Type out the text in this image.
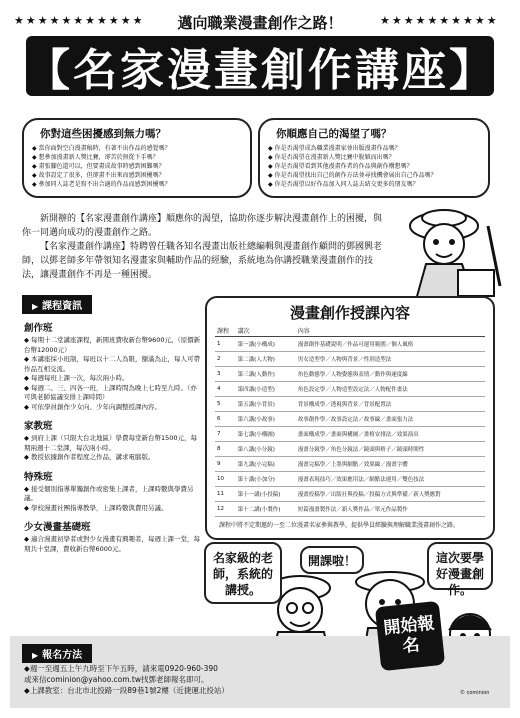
★★★★★★★★★★★	邁向職業漫畫創作之路！	★★★★★★★★★★
【名家漫畫創作講座】
你對這些困擾感到無力嗎？
◆ 當你面對空白漫畫稿時，有著不出作品的感覺嗎？
◆ 想參加漫畫新人獎比賽，卻苦於無從下手嗎？
◆ 畫張腳色還可以，但要畫成故事時感到困難嗎？
◆ 故事設定了很多，但卻畫不出來而感到困擾嗎？
◆ 參加同人誌老是寫不出合適的作品而感到困擾嗎？
你順應自己的渴望了嗎？
◆ 你是否渴望成為職業漫畫家並出版漫畫作品嗎？
◆ 你是否渴望在漫畫新人獎比賽中脫穎而出嗎？
◆ 你是否渴望看到其他漫畫作者的作品與創作構想嗎？
◆ 你是否渴望找出自己的創作方法並尋找機會展出自己作品嗎？
◆ 你是否渴望以好作品加入同人誌去結交更多的朋友嗎？

新開辦的【名家漫畫創作講座】順應你的渴望，協助你逐步解決漫畫創作上的困擾，與你一同邁向成功的漫畫創作之路。

【名家漫畫創作講座】特聘曾任職各知名漫畫出版社總編輯與漫畫創作顧問的鄧國興老師，以鄧老師多年帶領知名漫畫家與輔助作品的經驗，系統地為你講授職業漫畫創作的技法，讓漫畫創作不再是一種困擾。

▶ 課程資訊
創作班
◆ 每期十二堂講座課程，新開班費收新台幣9600元。（原價新台幣12000元）
◆ 本講座採小班制，每班以十二人為限，額滿為止，每人可帶作品互相交流。
◆ 每週每班上課一次，每次兩小時。
◆ 每週二、三、四各一班，上課時間為晚上七時至九時。（亦可與老師協議安排上課時間）
◆ 可依學員創作少女向、少年向調整授課內容。
家教班
◆ 到府上課（只限大台北地區）學費每堂新台幣1500元，每期兩週十二堂課，每次兩小時。
◆ 教授依據創作者程度之作品，講求電腦版。
特殊班
◆ 接受個別指導單獨創作或密集上課者，上課時數與學費另議。
◆ 學校漫畫社團指導教學，上課時數與費用另議。
少女漫畫基礎班
◆ 適合漫畫初學者或對少女漫畫有興趣者，每週上課一堂，每期共十堂課，費收新台幣6000元。
漫畫創作授課內容
課程	講次	內容
1	第一講(小構成)	漫畫創作基礎說明／作品可運用範圍／個人風格
2	第二講(人大物)	男女造型學／人物與背景／性別造型法
3	第三講(人動作)	角色動態學／人物姿態與表情／動作與速度線
4	第四講(小造型)	角色設定學／人物造型設定法／人物配件畫法
5	第五講(小背景)	背景構成學／透視與背景／背景配置法
6	第六講(小故事)	故事創作學／故事設定法／故事線／畫面張力法
7	第七講(小構圖)	畫面構成學／畫面與構圖／畫格安排法／效果演出
8	第八講(小分鏡)	漫畫分鏡學／角色分鏡法／鏡頭與格子／鏡頭時間性
9	第九講(小完稿)	漫畫完稿學／上墨與網點／效果線／漫畫字體
10	第十講(小加分)	漫畫表現技巧／效果應用法／網點法運用／雙色技法
11	第十一講(小投稿)	漫畫投稿學／出版社與投稿／投稿方式與準備／新人獎應對
12	第十二講(小製作)	短篇漫畫製作法／新人獎作品／單元作品製作
課程中將不定期邀約一至二位漫畫名家參與教學，提供學員經驗與理解職業漫畫創作之路。
名家級的老師，系統的講授。
開課啦！	這次要學好漫畫創作。
▶ 報名方法
◆週一至週五上午九時至下午五時，請來電0920-960-390
或來信cominion@yahoo.com.tw找鄧老師報名即可。
◆上課教室：台北市北投路一段89巷1號2樓（近捷運北投站）
開始報名
© cominion
